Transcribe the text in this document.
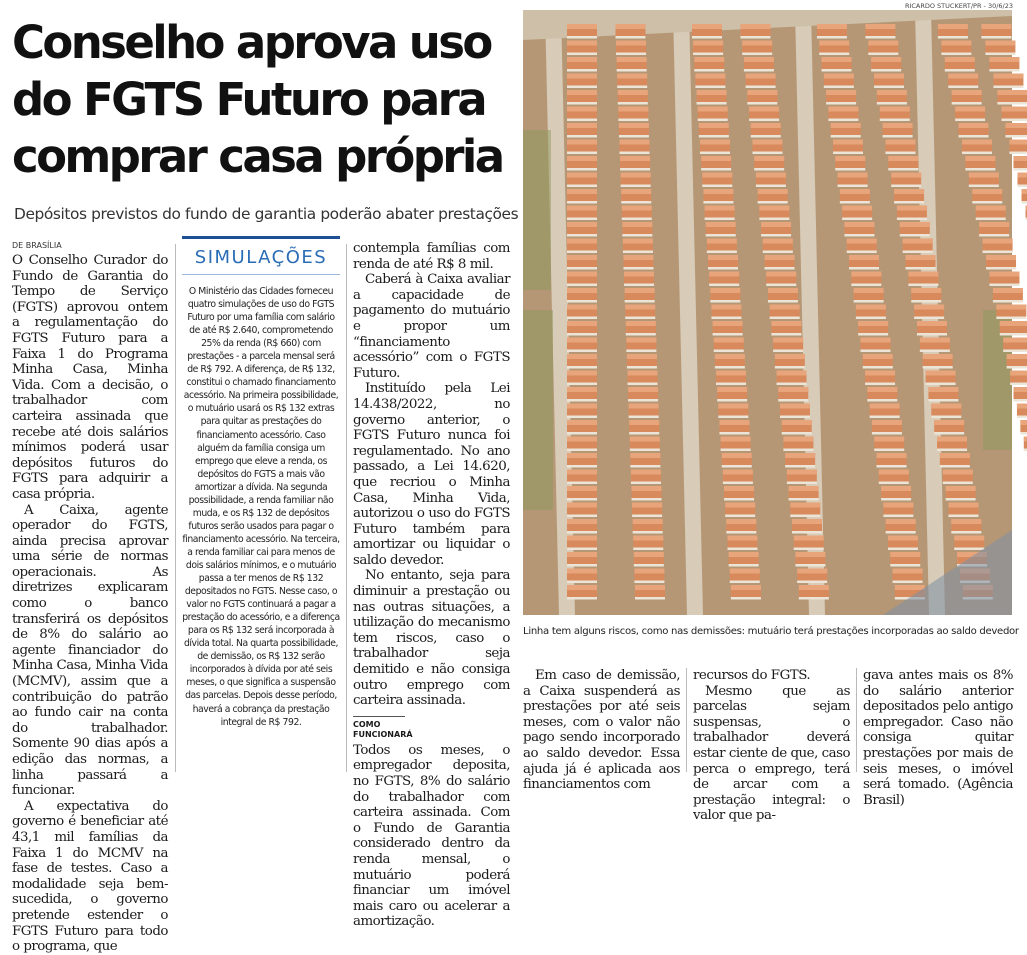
Conselho aprova uso do FGTS Futuro para comprar casa própria
Depósitos previstos do fundo de garantia poderão abater prestações
DE BRASÍLIA

O Conselho Curador do Fundo de Garantia do Tempo de Serviço (FGTS) aprovou ontem a regulamentação do FGTS Futuro para a Faixa 1 do Programa Minha Casa, Minha Vida. Com a decisão, o trabalhador com carteira assinada que recebe até dois salários mínimos poderá usar depósitos futuros do FGTS para adquirir a casa própria.

A Caixa, agente operador do FGTS, ainda precisa aprovar uma série de normas operacionais. As diretrizes explicaram como o banco transferirá os depósitos de 8% do salário ao agente financiador do Minha Casa, Minha Vida (MCMV), assim que a contribuição do patrão ao fundo cair na conta do trabalhador. Somente 90 dias após a edição das normas, a linha passará a funcionar.

A expectativa do governo é beneficiar até 43,1 mil famílias da Faixa 1 do MCMV na fase de testes. Caso a modalidade seja bem-sucedida, o governo pretende estender o FGTS Futuro para todo o programa, que

SIMULAÇÕES
O Ministério das Cidades forneceu quatro simulações de uso do FGTS Futuro por uma família com salário de até R$ 2.640, comprometendo 25% da renda (R$ 660) com prestações - a parcela mensal será de R$ 792. A diferença, de R$ 132, constitui o chamado financiamento acessório. Na primeira possibilidade, o mutuário usará os R$ 132 extras para quitar as prestações do financiamento acessório. Caso alguém da família consiga um emprego que eleve a renda, os depósitos do FGTS a mais vão amortizar a dívida. Na segunda possibilidade, a renda familiar não muda, e os R$ 132 de depósitos futuros serão usados para pagar o financiamento acessório. Na terceira, a renda familiar cai para menos de dois salários mínimos, e o mutuário passa a ter menos de R$ 132 depositados no FGTS. Nesse caso, o valor no FGTS continuará a pagar a prestação do acessório, e a diferença para os R$ 132 será incorporada à dívida total. Na quarta possibilidade, de demissão, os R$ 132 serão incorporados à dívida por até seis meses, o que significa a suspensão das parcelas. Depois desse período, haverá a cobrança da prestação integral de R$ 792.

contempla famílias com renda de até R$ 8 mil.

Caberá à Caixa avaliar a capacidade de pagamento do mutuário e propor um “financiamento acessório” com o FGTS Futuro.

Instituído pela Lei 14.438/2022, no governo anterior, o FGTS Futuro nunca foi regulamentado. No ano passado, a Lei 14.620, que recriou o Minha Casa, Minha Vida, autorizou o uso do FGTS Futuro também para amortizar ou liquidar o saldo devedor.

No entanto, seja para diminuir a prestação ou nas outras situações, a utilização do mecanismo tem riscos, caso o trabalhador seja demitido e não consiga outro emprego com carteira assinada.

COMO FUNCIONARÁ

Todos os meses, o empregador deposita, no FGTS, 8% do salário do trabalhador com carteira assinada. Com o Fundo de Garantia considerado dentro da renda mensal, o mutuário poderá financiar um imóvel mais caro ou acelerar a amortização.

RICARDO STUCKERT/PR - 30/6/23
Linha tem alguns riscos, como nas demissões: mutuário terá prestações incorporadas ao saldo devedor

Em caso de demissão, a Caixa suspenderá as prestações por até seis meses, com o valor não pago sendo incorporado ao saldo devedor. Essa ajuda já é aplicada aos financiamentos com

recursos do FGTS.

Mesmo que as parcelas sejam suspensas, o trabalhador deverá estar ciente de que, caso perca o emprego, terá de arcar com a prestação integral: o valor que pa-

gava antes mais os 8% do salário anterior depositados pelo antigo empregador. Caso não consiga quitar prestações por mais de seis meses, o imóvel será tomado. (Agência Brasil)
